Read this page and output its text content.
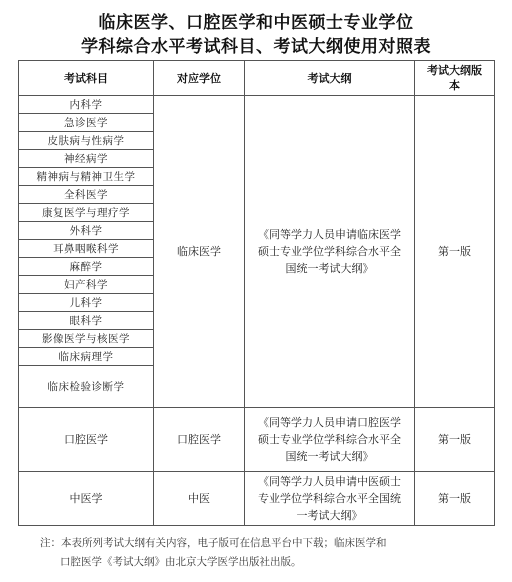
临床医学、口腔医学和中医硕士专业学位
学科综合水平考试科目、考试大纲使用对照表
考试科目	对应学位	考试大纲	考试大纲版本
内科学	临床医学	《同等学力人员申请临床医学硕士专业学位学科综合水平全国统一考试大纲》	第一版
急诊医学			
皮肤病与性病学			
神经病学			
精神病与精神卫生学			
全科医学			
康复医学与理疗学			
外科学			
耳鼻咽喉科学			
麻醉学			
妇产科学			
儿科学			
眼科学			
影像医学与核医学			
临床病理学			
临床检验诊断学			
口腔医学	口腔医学	《同等学力人员申请口腔医学硕士专业学位学科综合水平全国统一考试大纲》	第一版
中医学	中医	《同等学力人员申请中医硕士专业学位学科综合水平全国统一考试大纲》	第一版
注：本表所列考试大纲有关内容，电子版可在信息平台中下载；临床医学和
口腔医学《考试大纲》由北京大学医学出版社出版。
